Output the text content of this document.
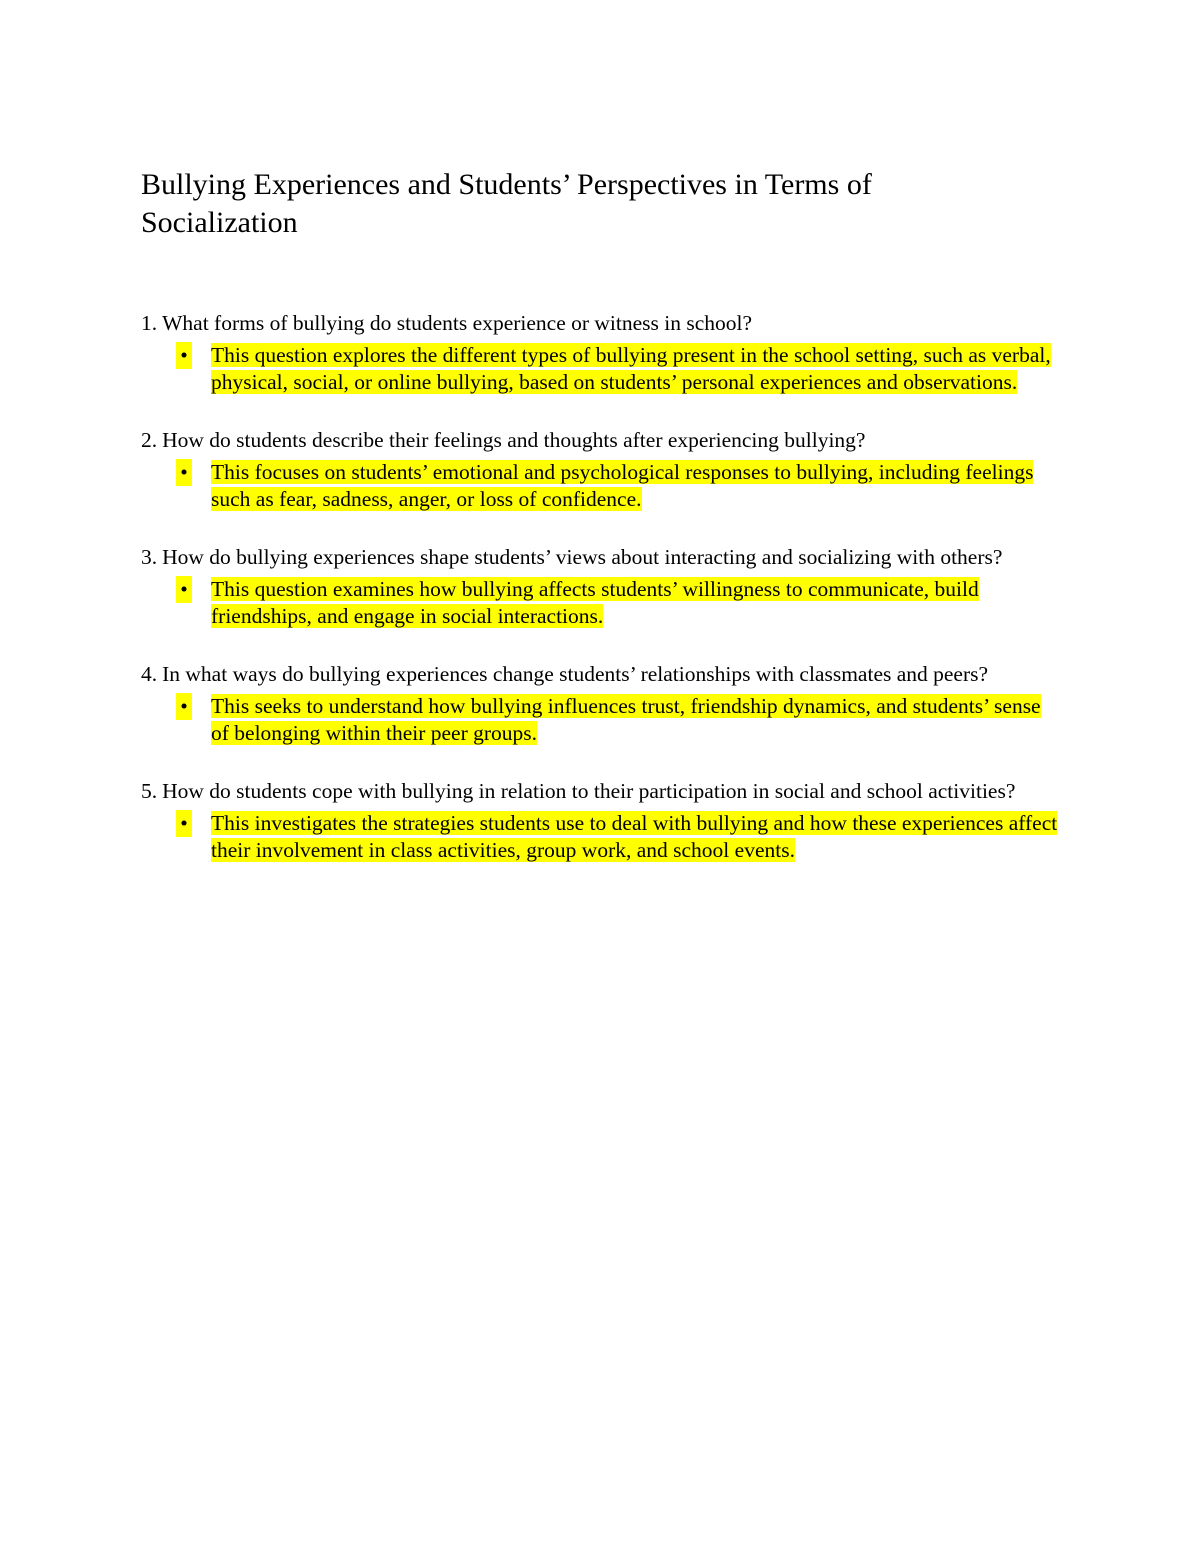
Bullying Experiences and Students’ Perspectives in Terms of Socialization

1. What forms of bullying do students experience or witness in school?

• This question explores the different types of bullying present in the school setting, such as verbal, physical, social, or online bullying, based on students’ personal experiences and observations.

2. How do students describe their feelings and thoughts after experiencing bullying?

• This focuses on students’ emotional and psychological responses to bullying, including feelings such as fear, sadness, anger, or loss of confidence.

3. How do bullying experiences shape students’ views about interacting and socializing with others?

• This question examines how bullying affects students’ willingness to communicate, build friendships, and engage in social interactions.

4. In what ways do bullying experiences change students’ relationships with classmates and peers?

• This seeks to understand how bullying influences trust, friendship dynamics, and students’ sense of belonging within their peer groups.

5. How do students cope with bullying in relation to their participation in social and school activities?

• This investigates the strategies students use to deal with bullying and how these experiences affect their involvement in class activities, group work, and school events.
